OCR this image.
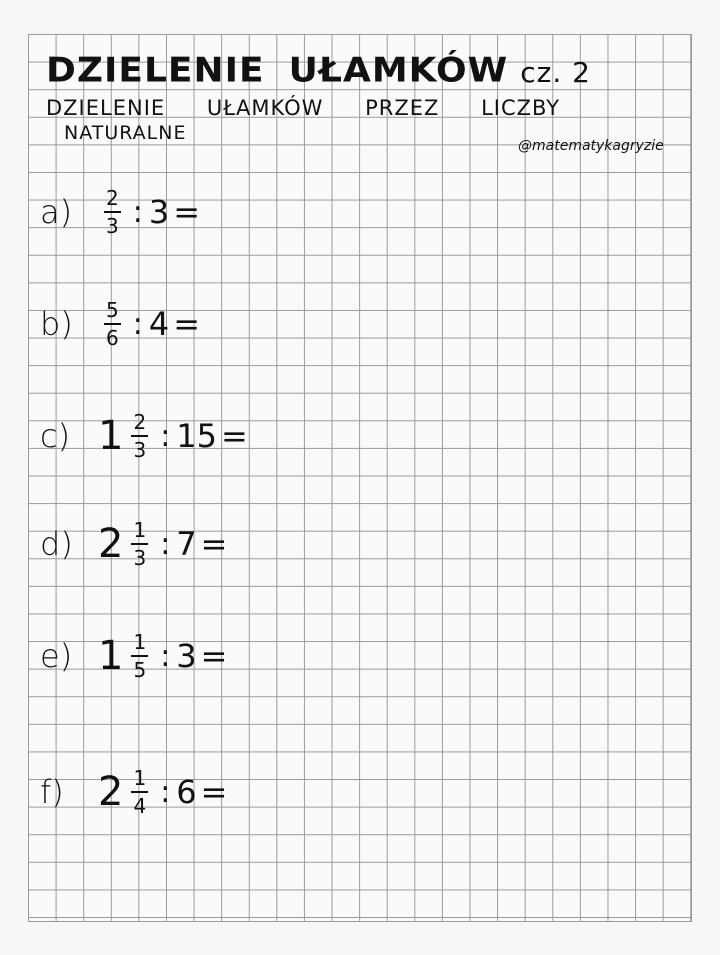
DZIELENIE UŁAMKÓW cz. 2
DZIELENIE UŁAMKÓW PRZEZ LICZBY
NATURALNE
@matematykagryzie
a)	$\frac{2}{3}$ : 3 =
b)	$\frac{5}{6}$ : 4 =
c) $1 \frac{2}{3}$ : 15 =
d) $2 \frac{1}{3}$ : 7 =
e) $1 \frac{1}{5}$ : 3 =
f) $2 \frac{1}{4}$ : 6 =
